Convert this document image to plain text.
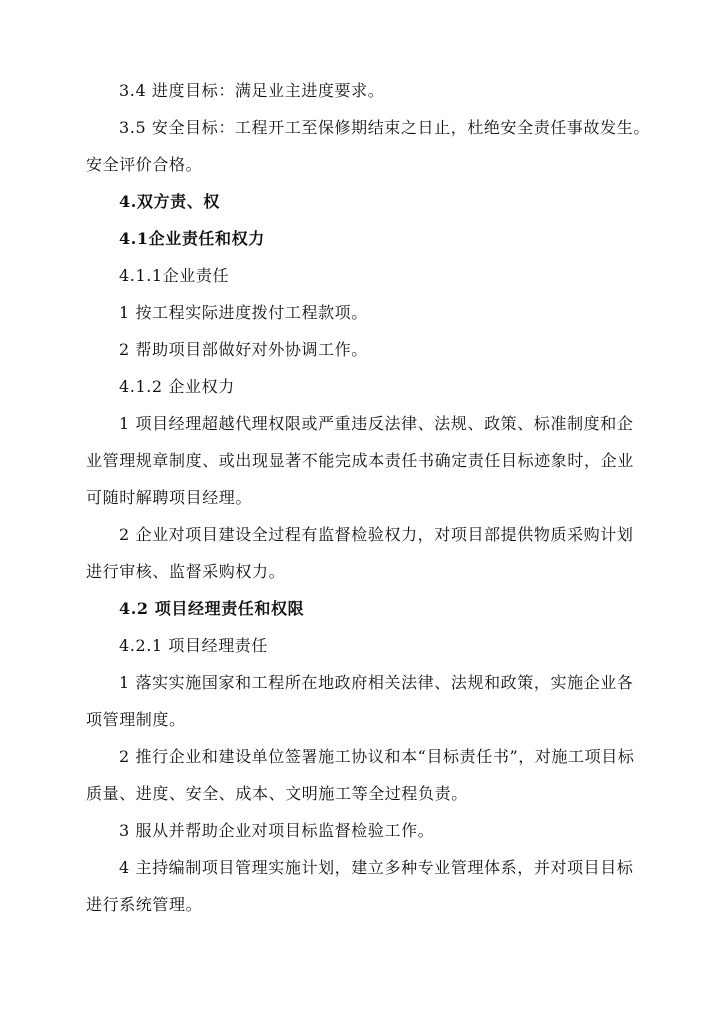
3.4 进度目标：满足业主进度要求。
3.5 安全目标：工程开工至保修期结束之日止，杜绝安全责任事故发生。
安全评价合格。
4.双方责、权
4.1企业责任和权力
4.1.1企业责任
1 按工程实际进度拨付工程款项。
2 帮助项目部做好对外协调工作。
4.1.2 企业权力
1 项目经理超越代理权限或严重违反法律、法规、政策、标准制度和企
业管理规章制度、或出现显著不能完成本责任书确定责任目标迹象时，企业
可随时解聘项目经理。
2 企业对项目建设全过程有监督检验权力，对项目部提供物质采购计划
进行审核、监督采购权力。
4.2 项目经理责任和权限
4.2.1 项目经理责任
1 落实实施国家和工程所在地政府相关法律、法规和政策，实施企业各
项管理制度。
2 推行企业和建设单位签署施工协议和本“目标责任书”，对施工项目标
质量、进度、安全、成本、文明施工等全过程负责。
3 服从并帮助企业对项目标监督检验工作。
4 主持编制项目管理实施计划，建立多种专业管理体系，并对项目目标
进行系统管理。
